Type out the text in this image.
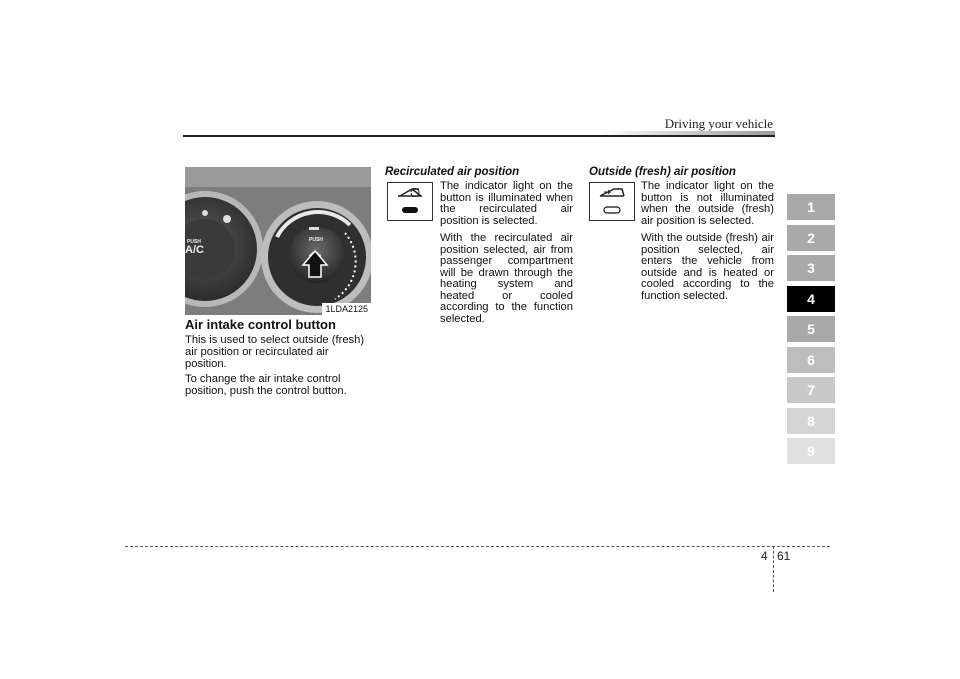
Driving your vehicle
PUSH
A/C
PUSH
1LDA2125
Air intake control button

This is used to select outside (fresh) air position or recirculated air position.

To change the air intake control position, push the control button.

Recirculated air position

The indicator light on the button is illuminated when the recirculated air position is selected.

With the recirculated air position selected, air from passenger compartment will be drawn through the heating system and heated or cooled according to the function selected.

Outside (fresh) air position

The indicator light on the button is not illuminated when the outside (fresh) air position is selected.

With the outside (fresh) air position selected, air enters the vehicle from outside and is heated or cooled according to the function selected.

1
2
3
4
5
6
7
8
9
4 61
